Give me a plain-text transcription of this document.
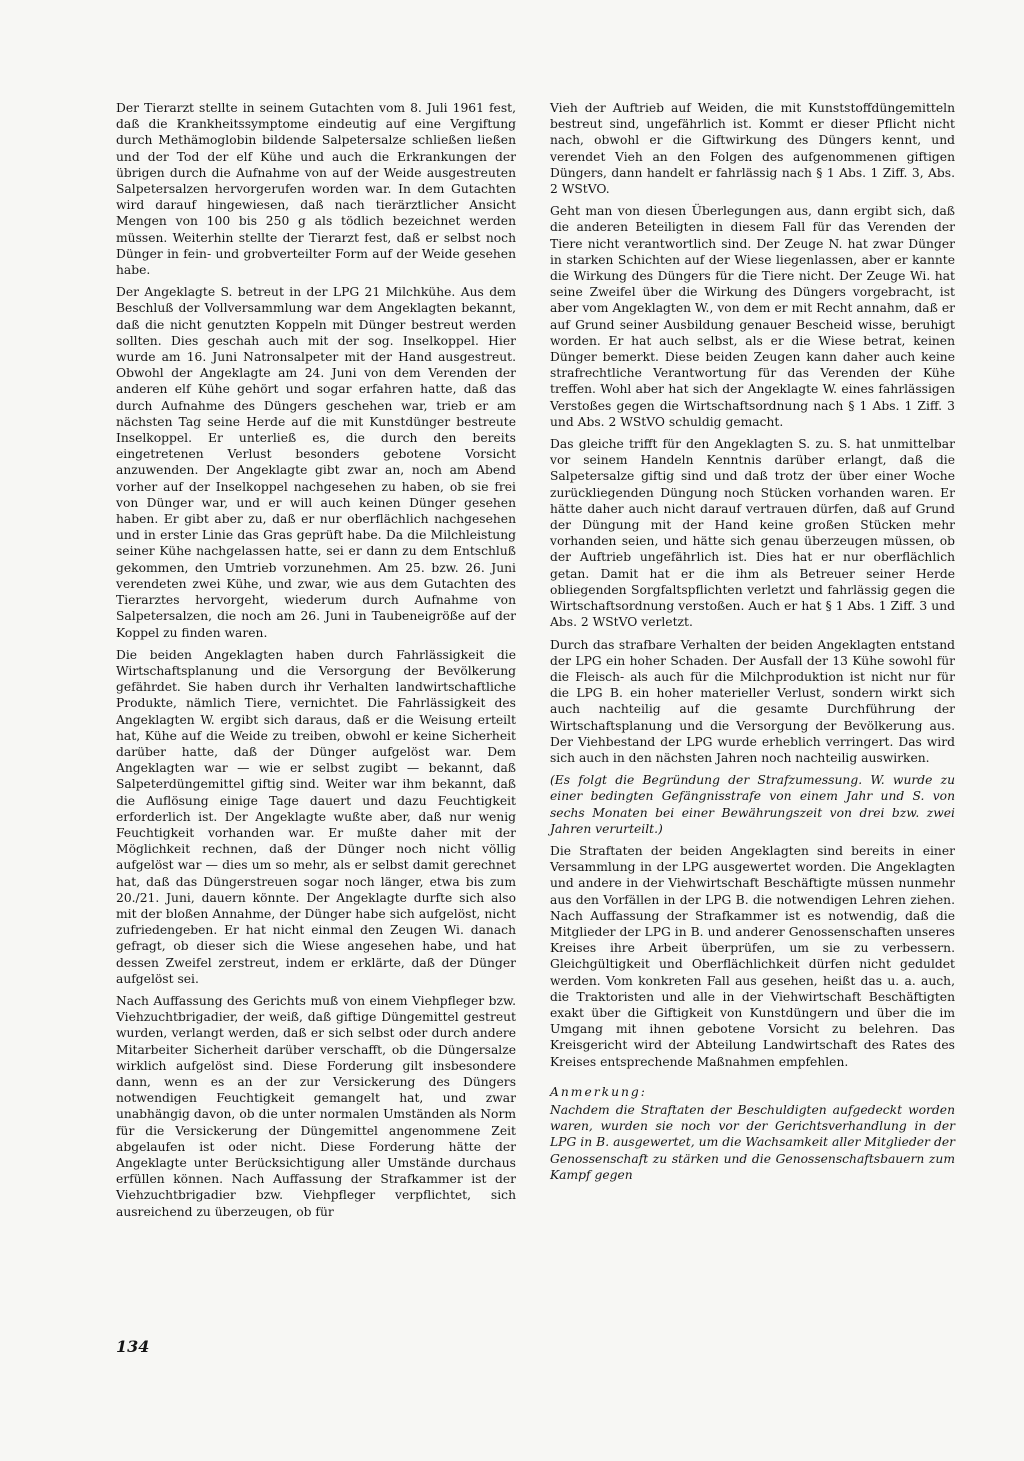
Der Tierarzt stellte in seinem Gutachten vom 8. Juli 1961 fest, daß die Krankheitssymptome eindeutig auf eine Vergiftung durch Methämoglobin bildende Salpetersalze schließen ließen und der Tod der elf Kühe und auch die Erkrankungen der übrigen durch die Aufnahme von auf der Weide ausgestreuten Salpetersalzen hervorgerufen worden war. In dem Gutachten wird darauf hingewiesen, daß nach tierärztlicher Ansicht Mengen von 100 bis 250 g als tödlich bezeichnet werden müssen. Weiterhin stellte der Tierarzt fest, daß er selbst noch Dünger in fein- und grobverteilter Form auf der Weide gesehen habe.

Der Angeklagte S. betreut in der LPG 21 Milchkühe. Aus dem Beschluß der Vollversammlung war dem Angeklagten bekannt, daß die nicht genutzten Koppeln mit Dünger bestreut werden sollten. Dies geschah auch mit der sog. Inselkoppel. Hier wurde am 16. Juni Natronsalpeter mit der Hand ausgestreut. Obwohl der Angeklagte am 24. Juni von dem Verenden der anderen elf Kühe gehört und sogar erfahren hatte, daß das durch Aufnahme des Düngers geschehen war, trieb er am nächsten Tag seine Herde auf die mit Kunstdünger bestreute Inselkoppel. Er unterließ es, die durch den bereits eingetretenen Verlust besonders gebotene Vorsicht anzuwenden. Der Angeklagte gibt zwar an, noch am Abend vorher auf der Inselkoppel nachgesehen zu haben, ob sie frei von Dünger war, und er will auch keinen Dünger gesehen haben. Er gibt aber zu, daß er nur oberflächlich nachgesehen und in erster Linie das Gras geprüft habe. Da die Milchleistung seiner Kühe nachgelassen hatte, sei er dann zu dem Entschluß gekommen, den Umtrieb vorzunehmen. Am 25. bzw. 26. Juni verendeten zwei Kühe, und zwar, wie aus dem Gutachten des Tierarztes hervorgeht, wiederum durch Aufnahme von Salpetersalzen, die noch am 26. Juni in Taubeneigröße auf der Koppel zu finden waren.

Die beiden Angeklagten haben durch Fahrlässigkeit die Wirtschaftsplanung und die Versorgung der Bevölkerung gefährdet. Sie haben durch ihr Verhalten landwirtschaftliche Produkte, nämlich Tiere, vernichtet. Die Fahrlässigkeit des Angeklagten W. ergibt sich daraus, daß er die Weisung erteilt hat, Kühe auf die Weide zu treiben, obwohl er keine Sicherheit darüber hatte, daß der Dünger aufgelöst war. Dem Angeklagten war — wie er selbst zugibt — bekannt, daß Salpeterdüngemittel giftig sind. Weiter war ihm bekannt, daß die Auflösung einige Tage dauert und dazu Feuchtigkeit erforderlich ist. Der Angeklagte wußte aber, daß nur wenig Feuchtigkeit vorhanden war. Er mußte daher mit der Möglichkeit rechnen, daß der Dünger noch nicht völlig aufgelöst war — dies um so mehr, als er selbst damit gerechnet hat, daß das Düngerstreuen sogar noch länger, etwa bis zum 20./21. Juni, dauern könnte. Der Angeklagte durfte sich also mit der bloßen Annahme, der Dünger habe sich aufgelöst, nicht zufriedengeben. Er hat nicht einmal den Zeugen Wi. danach gefragt, ob dieser sich die Wiese angesehen habe, und hat dessen Zweifel zerstreut, indem er erklärte, daß der Dünger aufgelöst sei.

Nach Auffassung des Gerichts muß von einem Viehpfleger bzw. Viehzuchtbrigadier, der weiß, daß giftige Düngemittel gestreut wurden, verlangt werden, daß er sich selbst oder durch andere Mitarbeiter Sicherheit darüber verschafft, ob die Düngersalze wirklich aufgelöst sind. Diese Forderung gilt insbesondere dann, wenn es an der zur Versickerung des Düngers notwendigen Feuchtigkeit gemangelt hat, und zwar unabhängig davon, ob die unter normalen Umständen als Norm für die Versickerung der Düngemittel angenommene Zeit abgelaufen ist oder nicht. Diese Forderung hätte der Angeklagte unter Berücksichtigung aller Umstände durchaus erfüllen können. Nach Auffassung der Strafkammer ist der Viehzuchtbrigadier bzw. Viehpfleger verpflichtet, sich ausreichend zu überzeugen, ob für

Vieh der Auftrieb auf Weiden, die mit Kunststoffdüngemitteln bestreut sind, ungefährlich ist. Kommt er dieser Pflicht nicht nach, obwohl er die Giftwirkung des Düngers kennt, und verendet Vieh an den Folgen des aufgenommenen giftigen Düngers, dann handelt er fahrlässig nach § 1 Abs. 1 Ziff. 3, Abs. 2 WStVO.

Geht man von diesen Überlegungen aus, dann ergibt sich, daß die anderen Beteiligten in diesem Fall für das Verenden der Tiere nicht verantwortlich sind. Der Zeuge N. hat zwar Dünger in starken Schichten auf der Wiese liegenlassen, aber er kannte die Wirkung des Düngers für die Tiere nicht. Der Zeuge Wi. hat seine Zweifel über die Wirkung des Düngers vorgebracht, ist aber vom Angeklagten W., von dem er mit Recht annahm, daß er auf Grund seiner Ausbildung genauer Bescheid wisse, beruhigt worden. Er hat auch selbst, als er die Wiese betrat, keinen Dünger bemerkt. Diese beiden Zeugen kann daher auch keine strafrechtliche Verantwortung für das Verenden der Kühe treffen. Wohl aber hat sich der Angeklagte W. eines fahrlässigen Verstoßes gegen die Wirtschaftsordnung nach § 1 Abs. 1 Ziff. 3 und Abs. 2 WStVO schuldig gemacht.

Das gleiche trifft für den Angeklagten S. zu. S. hat unmittelbar vor seinem Handeln Kenntnis darüber erlangt, daß die Salpetersalze giftig sind und daß trotz der über einer Woche zurückliegenden Düngung noch Stücken vorhanden waren. Er hätte daher auch nicht darauf vertrauen dürfen, daß auf Grund der Düngung mit der Hand keine großen Stücken mehr vorhanden seien, und hätte sich genau überzeugen müssen, ob der Auftrieb ungefährlich ist. Dies hat er nur oberflächlich getan. Damit hat er die ihm als Betreuer seiner Herde obliegenden Sorgfaltspflichten verletzt und fahrlässig gegen die Wirtschaftsordnung verstoßen. Auch er hat § 1 Abs. 1 Ziff. 3 und Abs. 2 WStVO verletzt.

Durch das strafbare Verhalten der beiden Angeklagten entstand der LPG ein hoher Schaden. Der Ausfall der 13 Kühe sowohl für die Fleisch- als auch für die Milchproduktion ist nicht nur für die LPG B. ein hoher materieller Verlust, sondern wirkt sich auch nachteilig auf die gesamte Durchführung der Wirtschaftsplanung und die Versorgung der Bevölkerung aus. Der Viehbestand der LPG wurde erheblich verringert. Das wird sich auch in den nächsten Jahren noch nachteilig auswirken.

(Es folgt die Begründung der Strafzumessung. W. wurde zu einer bedingten Gefängnisstrafe von einem Jahr und S. von sechs Monaten bei einer Bewährungszeit von drei bzw. zwei Jahren verurteilt.)

Die Straftaten der beiden Angeklagten sind bereits in einer Versammlung in der LPG ausgewertet worden. Die Angeklagten und andere in der Viehwirtschaft Beschäftigte müssen nunmehr aus den Vorfällen in der LPG B. die notwendigen Lehren ziehen. Nach Auffassung der Strafkammer ist es notwendig, daß die Mitglieder der LPG in B. und anderer Genossenschaften unseres Kreises ihre Arbeit überprüfen, um sie zu verbessern. Gleichgültigkeit und Oberflächlichkeit dürfen nicht geduldet werden. Vom konkreten Fall aus gesehen, heißt das u. a. auch, die Traktoristen und alle in der Viehwirtschaft Beschäftigten exakt über die Giftigkeit von Kunstdüngern und über die im Umgang mit ihnen gebotene Vorsicht zu belehren. Das Kreisgericht wird der Abteilung Landwirtschaft des Rates des Kreises entsprechende Maßnahmen empfehlen.

Anmerkung:

Nachdem die Straftaten der Beschuldigten aufgedeckt worden waren, wurden sie noch vor der Gerichtsverhandlung in der LPG in B. ausgewertet, um die Wachsamkeit aller Mitglieder der Genossenschaft zu stärken und die Genossenschaftsbauern zum Kampf gegen

134
